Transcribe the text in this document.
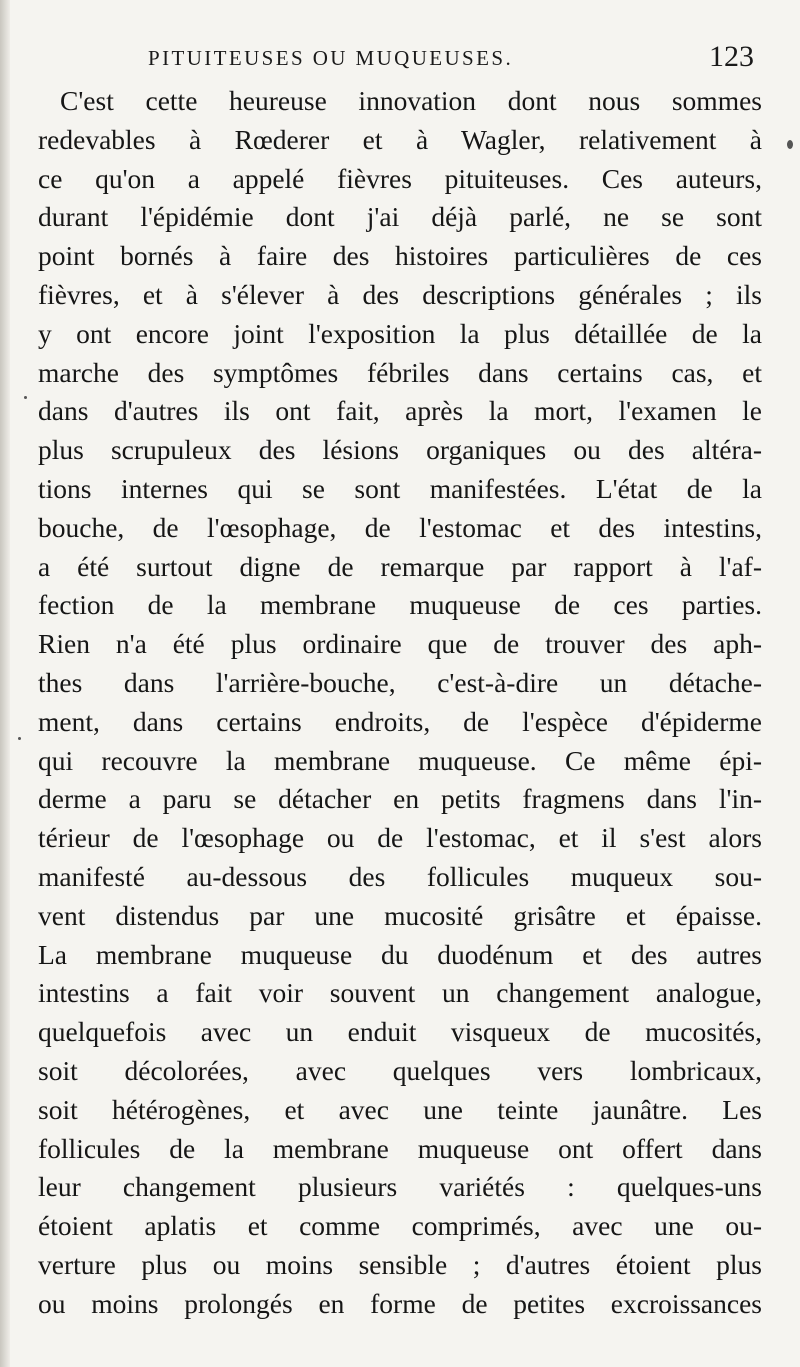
PITUITEUSES OU MUQUEUSES.	123
C'est cette heureuse innovation dont nous sommes
redevables à Rœderer et à Wagler, relativement à
ce qu'on a appelé fièvres pituiteuses. Ces auteurs,
durant l'épidémie dont j'ai déjà parlé, ne se sont
point bornés à faire des histoires particulières de ces
fièvres, et à s'élever à des descriptions générales ; ils
y ont encore joint l'exposition la plus détaillée de la
marche des symptômes fébriles dans certains cas, et
dans d'autres ils ont fait, après la mort, l'examen le
plus scrupuleux des lésions organiques ou des altéra-
tions internes qui se sont manifestées. L'état de la
bouche, de l'œsophage, de l'estomac et des intestins,
a été surtout digne de remarque par rapport à l'af-
fection de la membrane muqueuse de ces parties.
Rien n'a été plus ordinaire que de trouver des aph-
thes dans l'arrière-bouche, c'est-à-dire un détache-
ment, dans certains endroits, de l'espèce d'épiderme
qui recouvre la membrane muqueuse. Ce même épi-
derme a paru se détacher en petits fragmens dans l'in-
térieur de l'œsophage ou de l'estomac, et il s'est alors
manifesté au-dessous des follicules muqueux sou-
vent distendus par une mucosité grisâtre et épaisse.
La membrane muqueuse du duodénum et des autres
intestins a fait voir souvent un changement analogue,
quelquefois avec un enduit visqueux de mucosités,
soit décolorées, avec quelques vers lombricaux,
soit hétérogènes, et avec une teinte jaunâtre. Les
follicules de la membrane muqueuse ont offert dans
leur changement plusieurs variétés : quelques-uns
étoient aplatis et comme comprimés, avec une ou-
verture plus ou moins sensible ; d'autres étoient plus
ou moins prolongés en forme de petites excroissances
